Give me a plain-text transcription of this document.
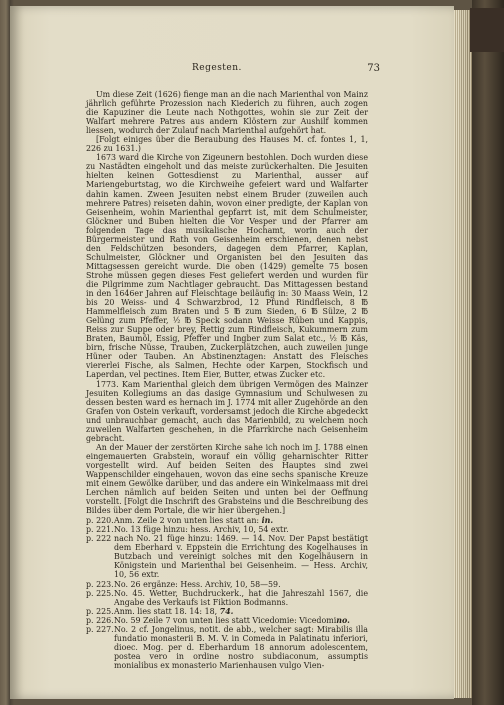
Regesten.	73

Um diese Zeit (1626) fienge man an die nach Marienthal von Mainz jährlich geführte Prozession nach Kiederich zu führen, auch zogen die Kapuziner die Leute nach Nothgottes, wohin sie zur Zeit der Walfart mehrere Patres aus andern Klöstern zur Aushilf kommen liessen, wodurch der Zulauf nach Marienthal aufgehört hat.

[Folgt einiges über die Beraubung des Hauses M. cf. fontes 1, 1, 226 zu 1631.)

1673 ward die Kirche von Zigeunern bestohlen. Doch wurden diese zu Nastädten eingeholt und das meiste zurückerhalten. Die Jesuiten hielten keinen Gottesdienst zu Marienthal, ausser auf Mariengeburtstag, wo die Kirchweihe gefeiert ward und Walfarter dahin kamen. Zween Jesuiten nebst einem Bruder (zuweilen auch mehrere Patres) reiseten dahin, wovon einer predigte, der Kaplan von Geisenheim, wohin Marienthal gepfarrt ist, mit dem Schulmeister, Glöckner und Buben hielten die Vor Vesper und der Pfarrer am folgenden Tage das musikalische Hochamt, worin auch der Bürgermeister und Rath von Geisenheim erschienen, denen nebst den Feldschützen besonders, dagegen dem Pfarrer, Kaplan, Schulmeister, Glöckner und Organisten bei den Jesuiten das Mittagsessen gereicht wurde. Die oben (1429) gemelte 75 bosen Strohe müssen gegen dieses Fest geliefert werden und wurden für die Pilgrimme zum Nachtlager gebraucht. Das Mittagessen bestand in den 1646er Jahren auf Fleischtage beiläufig in: 30 Maass Wein, 12 bis 20 Weiss- und 4 Schwarzbrod, 12 Pfund Rindfleisch, 8 ℔ Hammelfleisch zum Braten und 5 ℔ zum Sieden, 6 ℔ Sülze, 2 ℔ Gelüng zum Pfeffer, ½ ℔ Speck sodann Weisse Rüben und Kappis, Reiss zur Suppe oder brey, Rettig zum Rindfleisch, Kukummern zum Braten, Baumöl, Essig, Pfeffer und Ingber zum Salat etc., ½ ℔ Käs, birn, frische Nüsse, Trauben, Zuckerplätzchen, auch zuweilen junge Hüner oder Tauben. An Abstinenztagen: Anstatt des Fleisches viererlei Fische, als Salmen, Hechte oder Karpen, Stockfisch und Laperdan, vel pectines. Item Eier, Butter, etwas Zucker etc.

1773. Kam Marienthal gleich dem übrigen Vermögen des Mainzer Jesuiten Kollegiums an das dasige Gymnasium und Schulwesen zu dessen besten ward es hernach im J. 1774 mit aller Zugehörde an den Grafen von Ostein verkauft, vordersamst jedoch die Kirche abgedeckt und unbrauchbar gemacht, auch das Marienbild, zu welchem noch zuweilen Walfarten geschehen, in die Pfarrkirche nach Geisenheim gebracht.

An der Mauer der zerstörten Kirche sahe ich noch im J. 1788 einen eingemauerten Grabstein, worauf ein völlig geharnischter Ritter vorgestellt wird. Auf beiden Seiten des Hauptes sind zwei Wappenschilder eingehauen, wovon das eine sechs spanische Kreuze mit einem Gewölke darüber, und das andere ein Winkelmaass mit drei Lerchen nämlich auf beiden Seiten und unten bei der Oeffnung vorstellt. [Folgt die Inschrift des Grabsteins und die Beschreibung des Bildes über dem Portale, die wir hier übergehen.]

p. 220. Anm. Zeile 2 von unten lies statt an: in.

p. 221. No. 13 füge hinzu: hess. Archiv, 10, 54 extr.

p. 222 nach No. 21 füge hinzu: 1469. — 14. Nov. Der Papst bestätigt dem Eberhard v. Eppstein die Errichtung des Kogelhauses in Butzbach und vereinigt solches mit den Kogelhäusern in Königstein und Marienthal bei Geisenheim. — Hess. Archiv, 10, 56 extr.

p. 223. No. 26 ergänze: Hess. Archiv, 10, 58—59.

p. 225. No. 45. Wetter, Buchdruckerk., hat die Jahreszahl 1567, die Angabe des Verkaufs ist Fiktion Bodmanns.

p. 225. Anm. lies statt 18. 14: 18, 74.

p. 226. No. 59 Zeile 7 von unten lies statt Vicedomie: Vicedomino.

p. 227. No. 2 cf. Jongelinus, notit. de abb., welcher sagt: Mirabilis illa fundatio monasterii B. M. V. in Comeda in Palatinatu inferiori, dioec. Mog. per d. Eberhardum 18 annorum adolescentem, postea vero in ordine nostro subdiaconum, assumptis monialibus ex monasterio Marienhausen vulgo Vien-
